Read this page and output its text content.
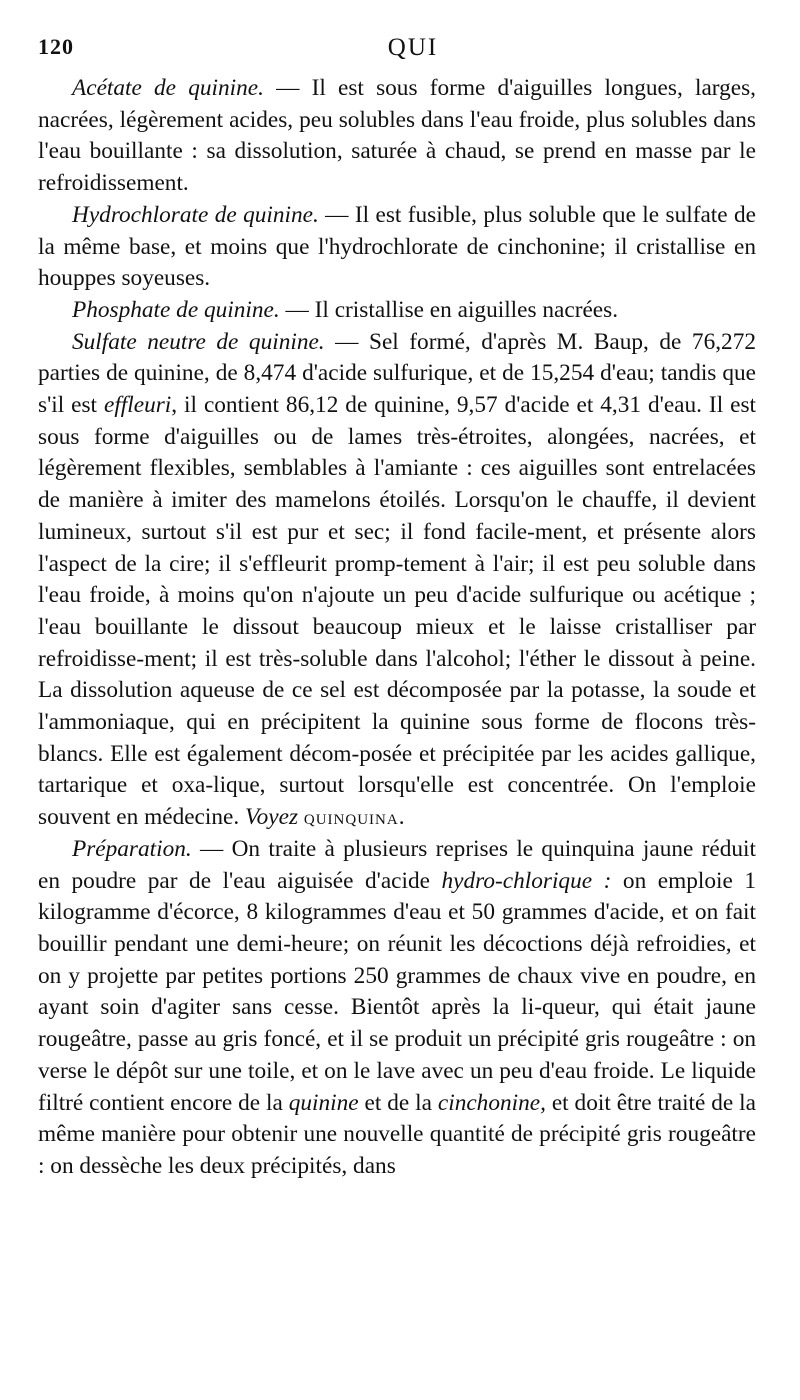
120	QUI

Acétate de quinine. — Il est sous forme d'aiguilles longues, larges, nacrées, légèrement acides, peu solubles dans l'eau froide, plus solubles dans l'eau bouillante : sa dissolution, saturée à chaud, se prend en masse par le refroidissement.

Hydrochlorate de quinine. — Il est fusible, plus soluble que le sulfate de la même base, et moins que l'hydrochlorate de cinchonine; il cristallise en houppes soyeuses.

Phosphate de quinine. — Il cristallise en aiguilles nacrées.

Sulfate neutre de quinine. — Sel formé, d'après M. Baup, de 76,272 parties de quinine, de 8,474 d'acide sulfurique, et de 15,254 d'eau; tandis que s'il est effleuri, il contient 86,12 de quinine, 9,57 d'acide et 4,31 d'eau. Il est sous forme d'aiguilles ou de lames très-étroites, alongées, nacrées, et légèrement flexibles, semblables à l'amiante : ces aiguilles sont entrelacées de manière à imiter des mamelons étoilés. Lorsqu'on le chauffe, il devient lumineux, surtout s'il est pur et sec; il fond facile-ment, et présente alors l'aspect de la cire; il s'effleurit promp-tement à l'air; il est peu soluble dans l'eau froide, à moins qu'on n'ajoute un peu d'acide sulfurique ou acétique ; l'eau bouillante le dissout beaucoup mieux et le laisse cristalliser par refroidisse-ment; il est très-soluble dans l'alcohol; l'éther le dissout à peine. La dissolution aqueuse de ce sel est décomposée par la potasse, la soude et l'ammoniaque, qui en précipitent la quinine sous forme de flocons très-blancs. Elle est également décom-posée et précipitée par les acides gallique, tartarique et oxa-lique, surtout lorsqu'elle est concentrée. On l'emploie souvent en médecine. Voyez quinquina.

Préparation. — On traite à plusieurs reprises le quinquina jaune réduit en poudre par de l'eau aiguisée d'acide hydro-chlorique : on emploie 1 kilogramme d'écorce, 8 kilogrammes d'eau et 50 grammes d'acide, et on fait bouillir pendant une demi-heure; on réunit les décoctions déjà refroidies, et on y projette par petites portions 250 grammes de chaux vive en poudre, en ayant soin d'agiter sans cesse. Bientôt après la li-queur, qui était jaune rougeâtre, passe au gris foncé, et il se produit un précipité gris rougeâtre : on verse le dépôt sur une toile, et on le lave avec un peu d'eau froide. Le liquide filtré contient encore de la quinine et de la cinchonine, et doit être traité de la même manière pour obtenir une nouvelle quantité de précipité gris rougeâtre : on dessèche les deux précipités, dans
